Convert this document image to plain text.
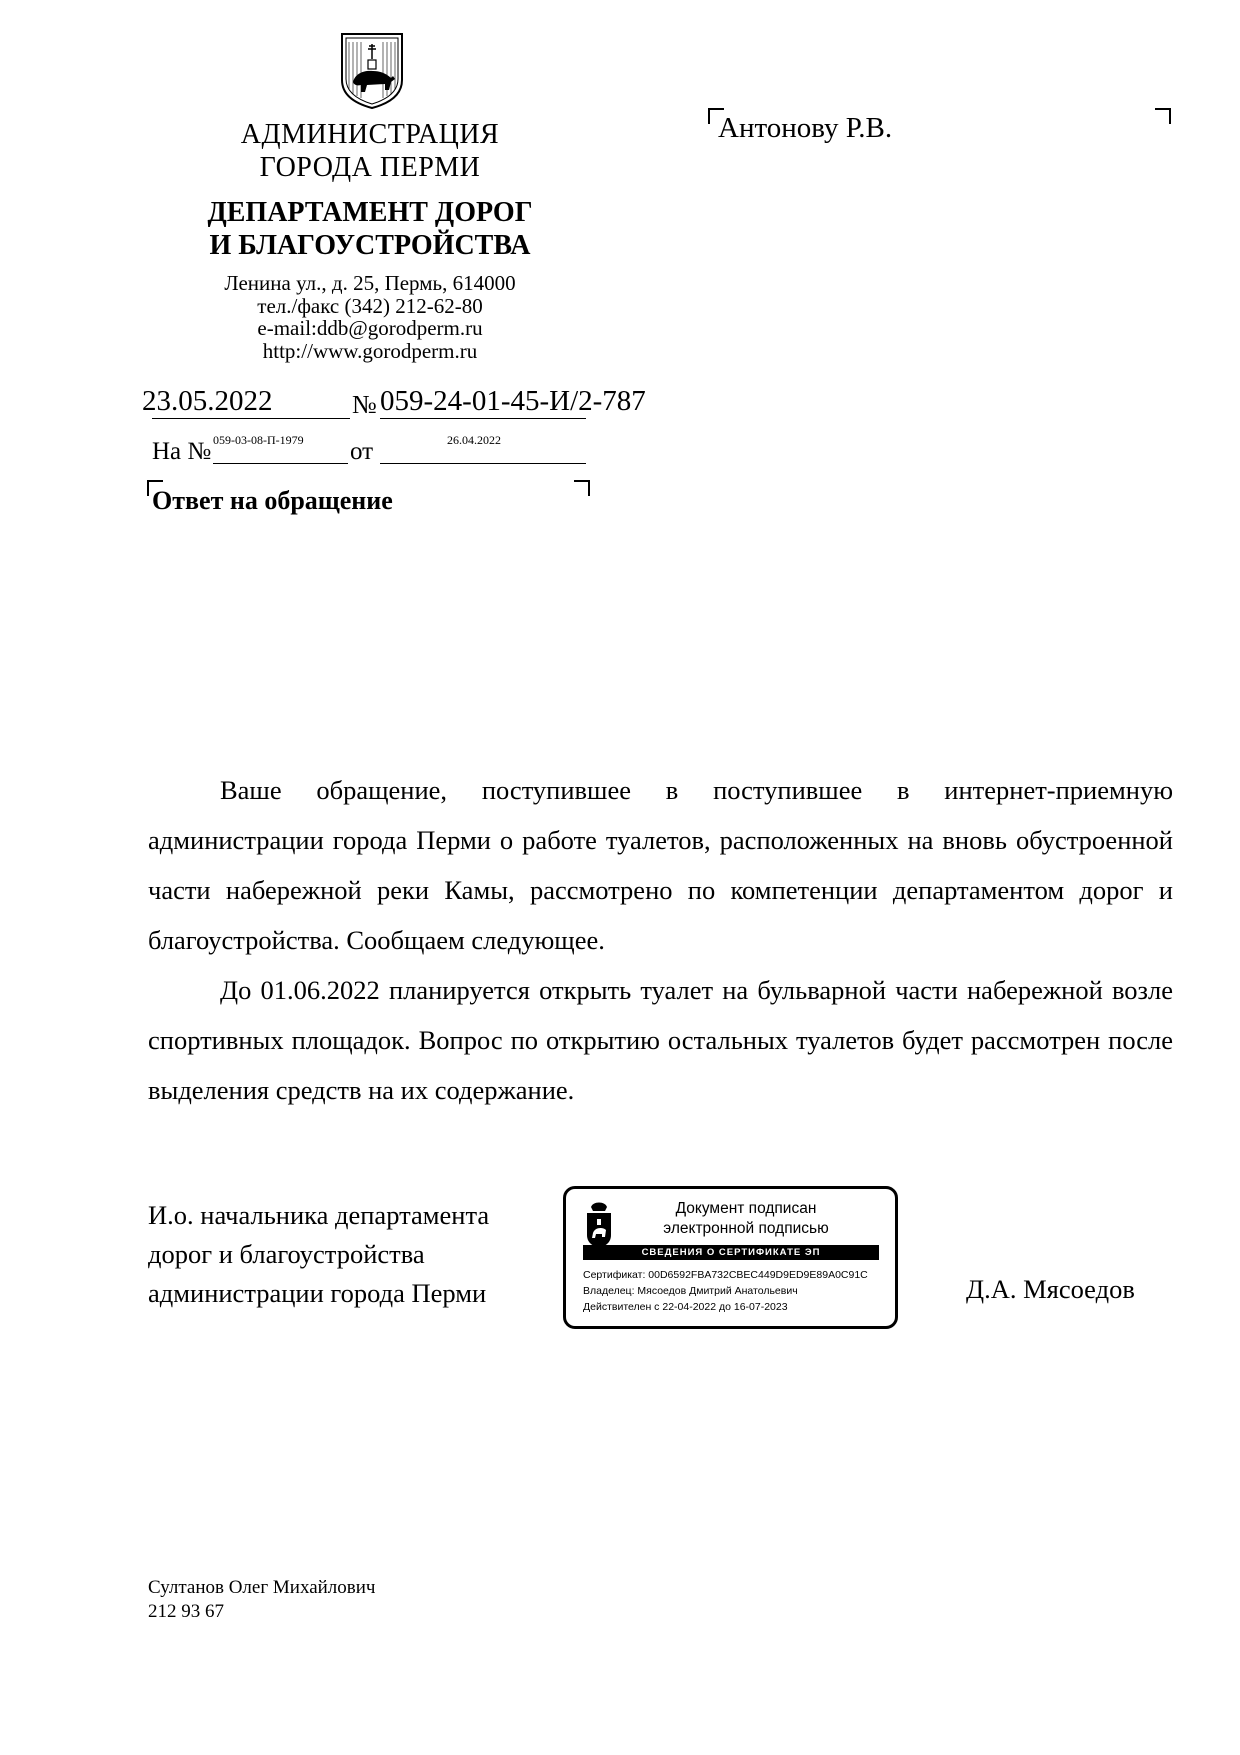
АДМИНИСТРАЦИЯ
ГОРОДА ПЕРМИ
ДЕПАРТАМЕНТ ДОРОГ
И БЛАГОУСТРОЙСТВА
Ленина ул., д. 25, Пермь, 614000
тел./факс (342) 212-62-80
e-mail:ddb@gorodperm.ru
http://www.gorodperm.ru
Антонову Р.В.
23.05.2022	№ 059-24-01-45-И/2-787
На № 059-03-08-П-1979 от	26.04.2022
Ответ на обращение

Ваше обращение, поступившее в поступившее в интернет-приемную администрации города Перми о работе туалетов, расположенных на вновь обустроенной части набережной реки Камы, рассмотрено по компетенции департаментом дорог и благоустройства. Сообщаем следующее.

До 01.06.2022 планируется открыть туалет на бульварной части набережной возле спортивных площадок. Вопрос по открытию остальных туалетов будет рассмотрен после выделения средств на их содержание.

И.о. начальника департамента
дорог и благоустройства
администрации города Перми
Документ подписан
электронной подписью
СВЕДЕНИЯ О СЕРТИФИКАТЕ ЭП
Сертификат: 00D6592FBA732CBEC449D9ED9E89A0C91C
Владелец: Мясоедов Дмитрий Анатольевич
Действителен с 22-04-2022 до 16-07-2023
Д.А. Мясоедов
Султанов Олег Михайлович
212 93 67
